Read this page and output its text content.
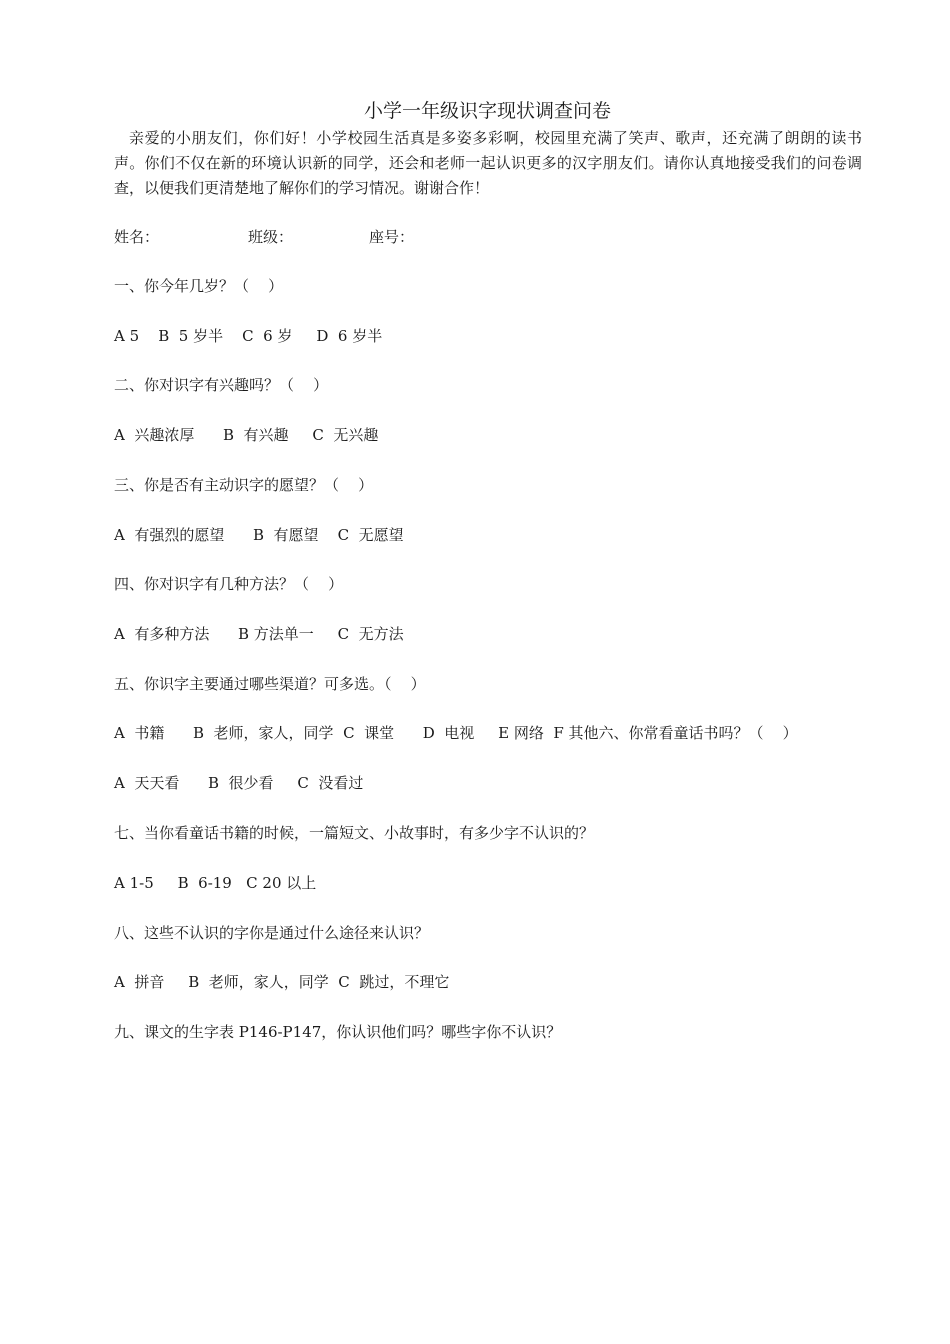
小学一年级识字现状调查问卷

亲爱的小朋友们，你们好！小学校园生活真是多姿多彩啊，校园里充满了笑声、歌声，还充满了朗朗的读书声。你们不仅在新的环境认识新的同学，还会和老师一起认识更多的汉字朋友们。请你认真地接受我们的问卷调查，以便我们更清楚地了解你们的学习情况。谢谢合作！

姓名：	班级：	座号：

一、你今年几岁？（    ）

A 5    B  5 岁半    C  6 岁     D  6 岁半

二、你对识字有兴趣吗？（    ）

A  兴趣浓厚      B  有兴趣     C  无兴趣

三、你是否有主动识字的愿望？（    ）

A  有强烈的愿望      B  有愿望    C  无愿望

四、你对识字有几种方法？（    ）

A  有多种方法      B 方法单一     C  无方法

五、你识字主要通过哪些渠道？可多选。（    ）

A  书籍      B  老师，家人，同学  C  课堂      D  电视     E 网络  F 其他六、你常看童话书吗？（    ）

A  天天看      B  很少看     C  没看过

七、当你看童话书籍的时候，一篇短文、小故事时，有多少字不认识的？

A 1-5     B  6-19   C 20 以上

八、这些不认识的字你是通过什么途径来认识？

A  拼音     B  老师，家人，同学  C  跳过，不理它

九、课文的生字表 P146-P147，你认识他们吗？哪些字你不认识？
